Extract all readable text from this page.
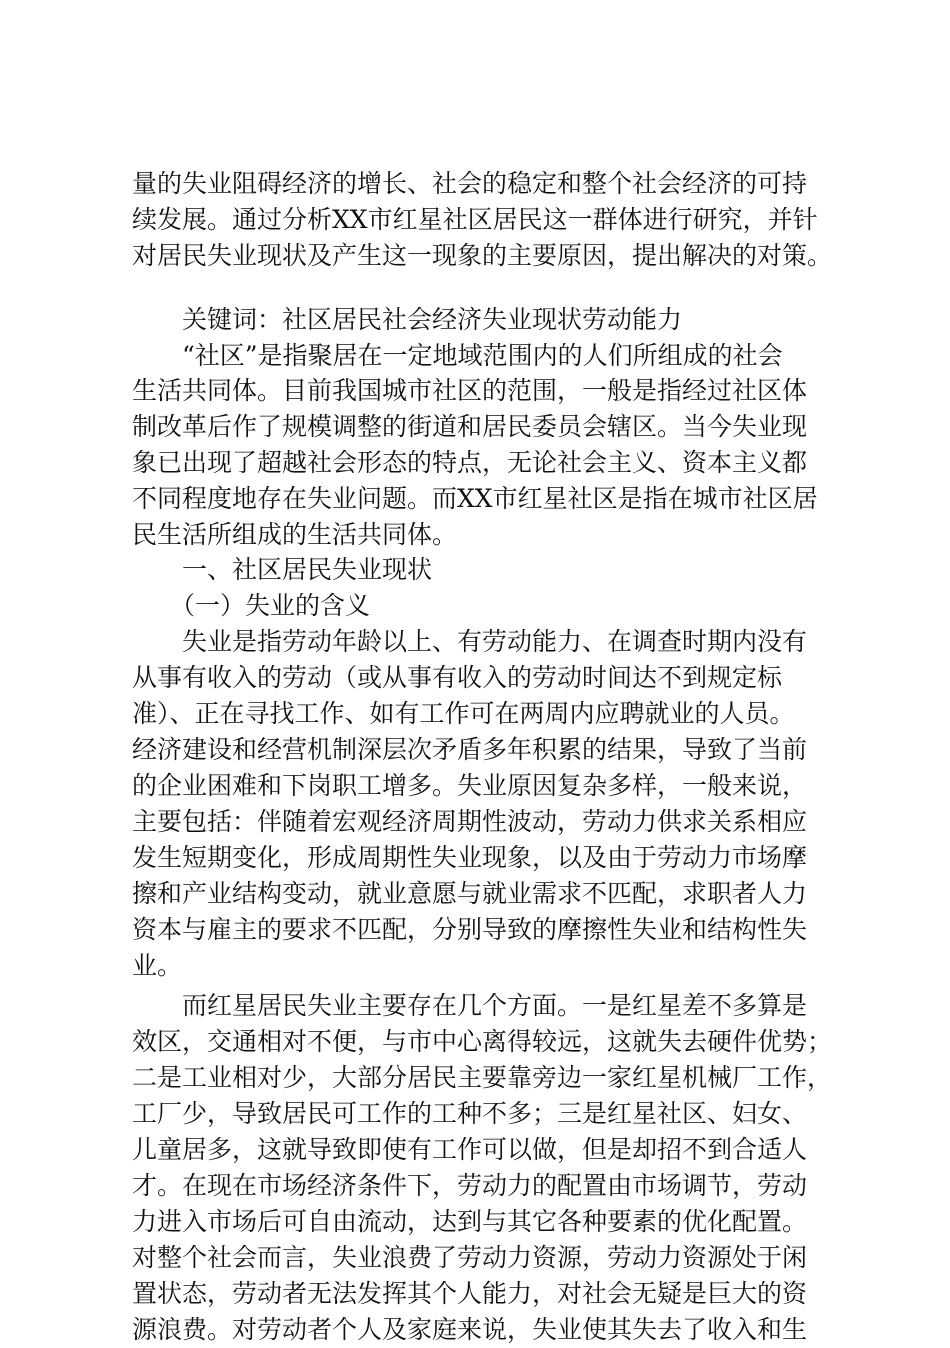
量的失业阻碍经济的增长、社会的稳定和整个社会经济的可持
续发展。通过分析XX市红星社区居民这一群体进行研究，并针
对居民失业现状及产生这一现象的主要原因，提出解决的对策。
关键词：社区居民社会经济失业现状劳动能力
“社区”是指聚居在一定地域范围内的人们所组成的社会
生活共同体。目前我国城市社区的范围，一般是指经过社区体
制改革后作了规模调整的街道和居民委员会辖区。当今失业现
象已出现了超越社会形态的特点，无论社会主义、资本主义都
不同程度地存在失业问题。而XX市红星社区是指在城市社区居
民生活所组成的生活共同体。
一、社区居民失业现状
（一）失业的含义
失业是指劳动年龄以上、有劳动能力、在调查时期内没有
从事有收入的劳动（或从事有收入的劳动时间达不到规定标
准）、正在寻找工作、如有工作可在两周内应聘就业的人员。
经济建设和经营机制深层次矛盾多年积累的结果，导致了当前
的企业困难和下岗职工增多。失业原因复杂多样，一般来说，
主要包括：伴随着宏观经济周期性波动，劳动力供求关系相应
发生短期变化，形成周期性失业现象，以及由于劳动力市场摩
擦和产业结构变动，就业意愿与就业需求不匹配，求职者人力
资本与雇主的要求不匹配，分别导致的摩擦性失业和结构性失
业。
而红星居民失业主要存在几个方面。一是红星差不多算是
效区，交通相对不便，与市中心离得较远，这就失去硬件优势；
二是工业相对少，大部分居民主要靠旁边一家红星机械厂工作，
工厂少，导致居民可工作的工种不多；三是红星社区、妇女、
儿童居多，这就导致即使有工作可以做，但是却招不到合适人
才。在现在市场经济条件下，劳动力的配置由市场调节，劳动
力进入市场后可自由流动，达到与其它各种要素的优化配置。
对整个社会而言，失业浪费了劳动力资源，劳动力资源处于闲
置状态，劳动者无法发挥其个人能力，对社会无疑是巨大的资
源浪费。对劳动者个人及家庭来说，失业使其失去了收入和生
